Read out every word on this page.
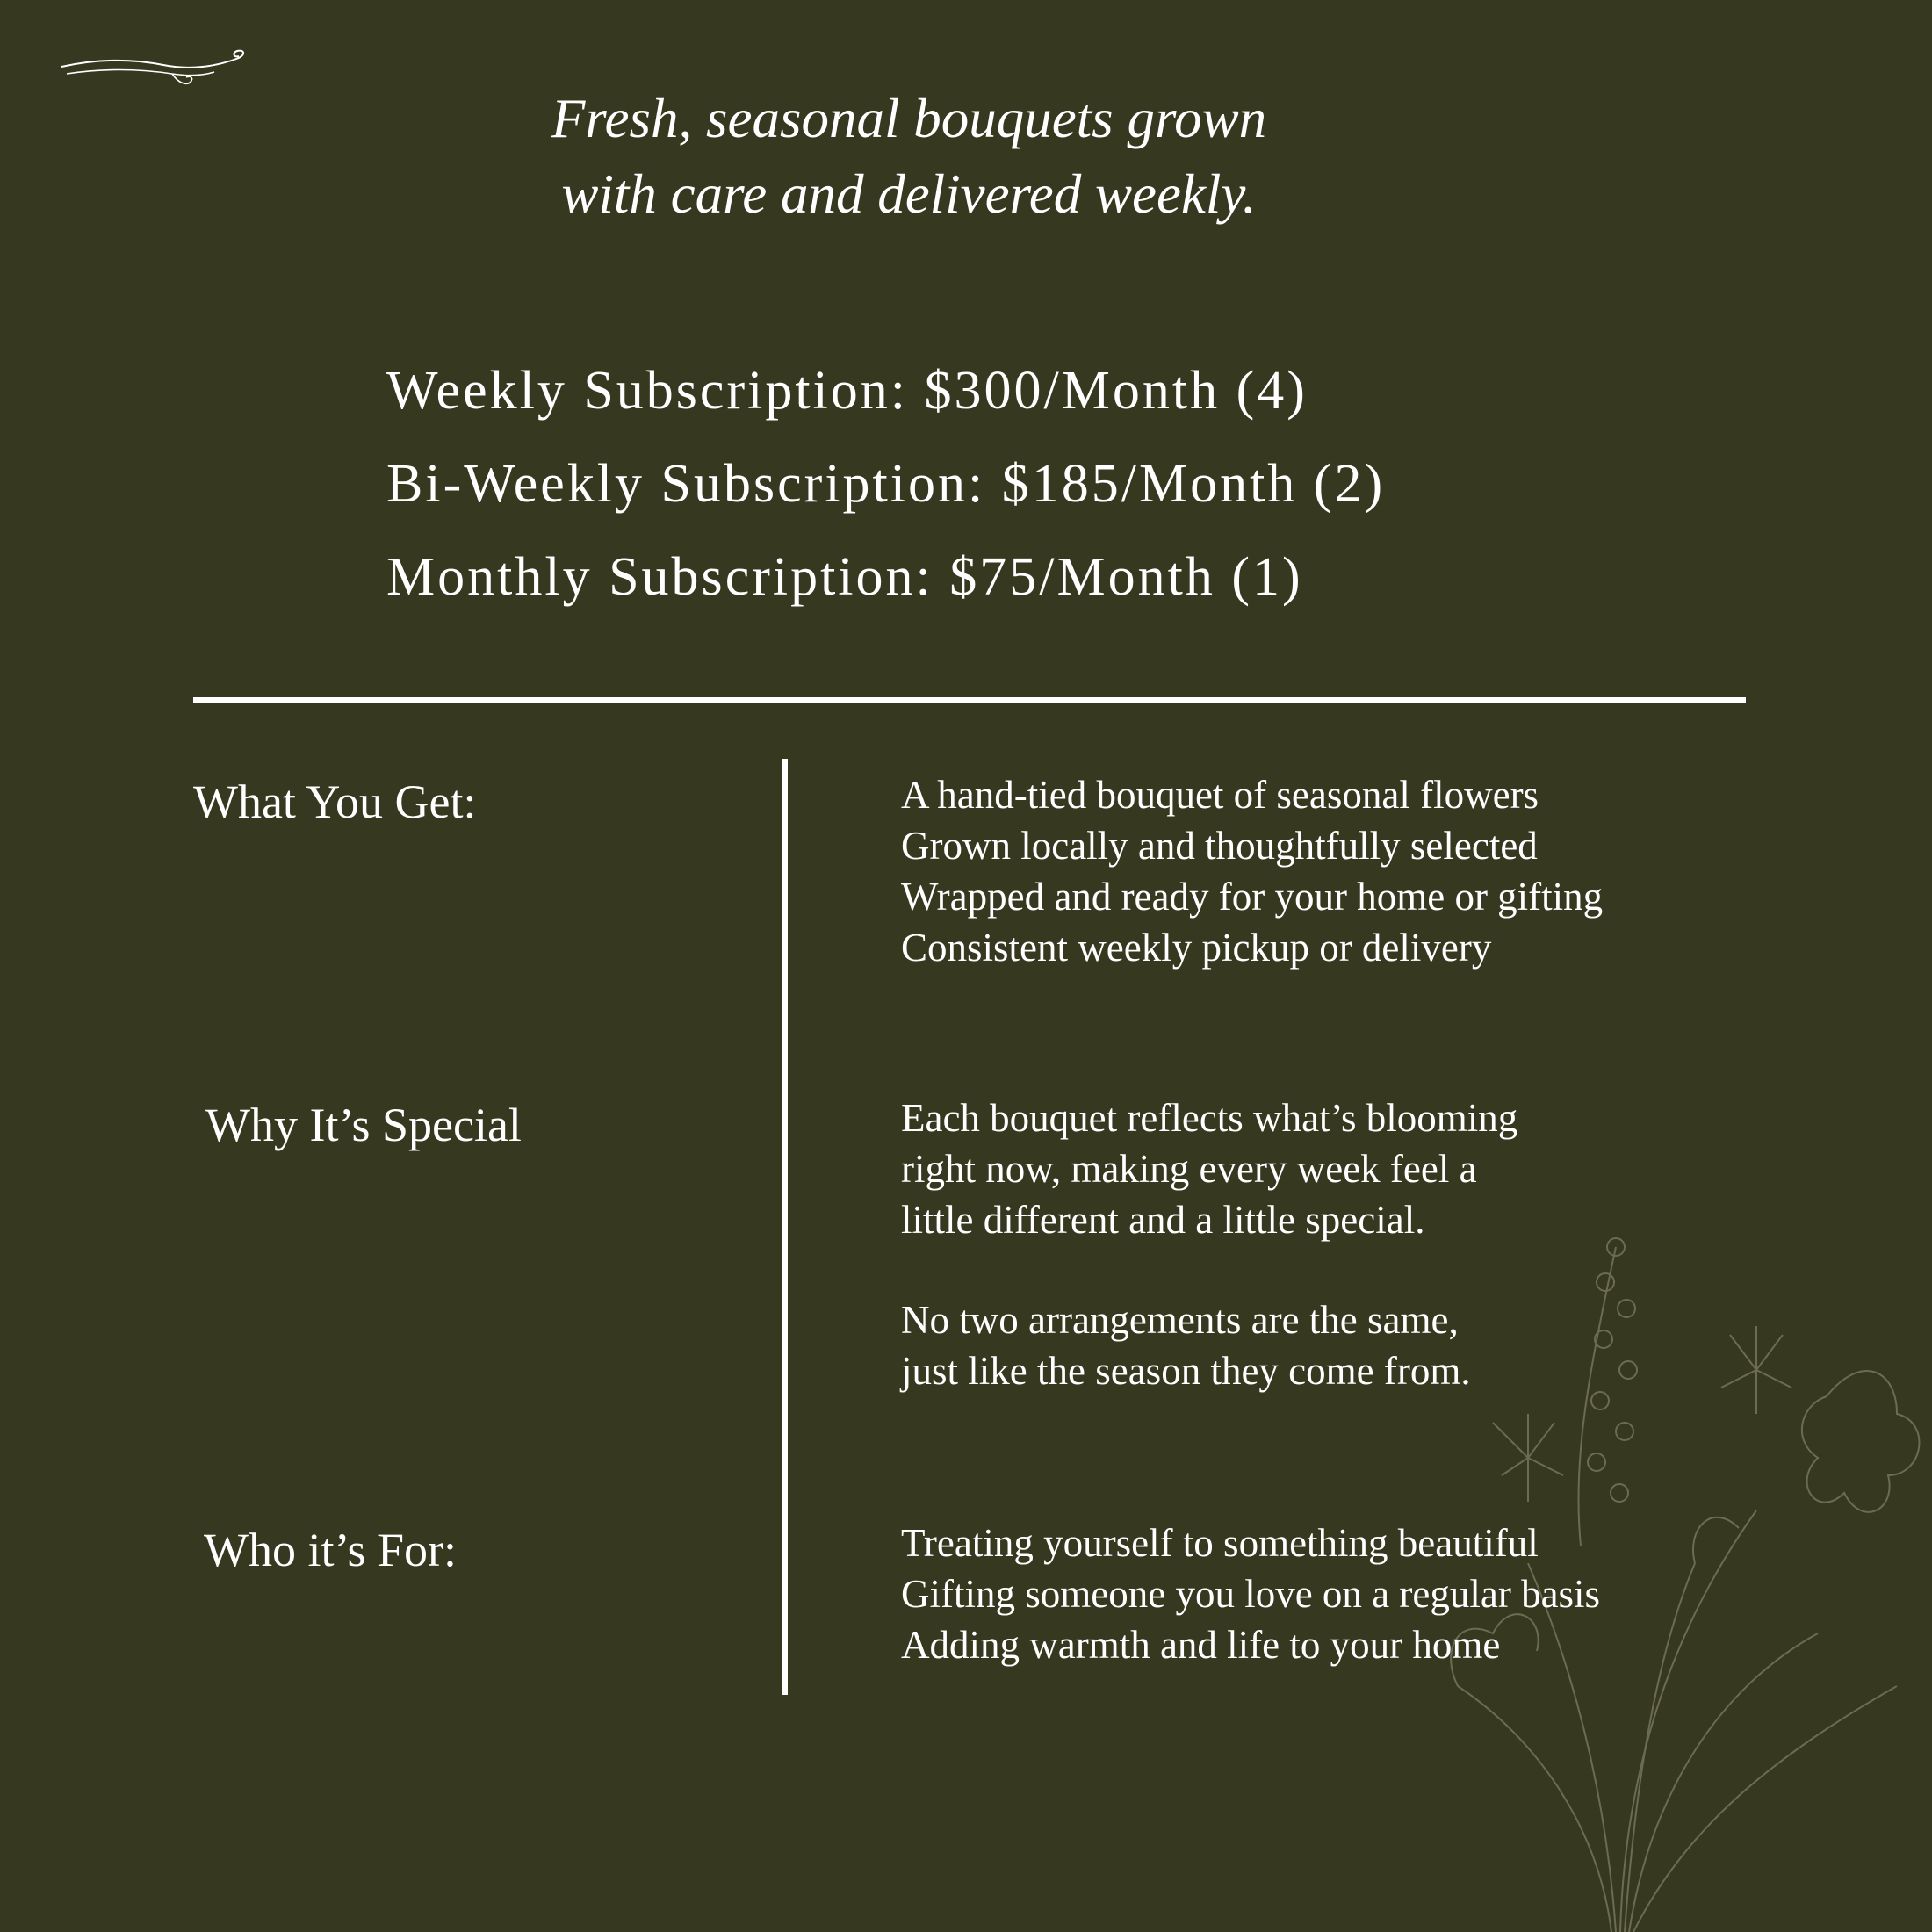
Fresh, seasonal bouquets grown
with care and delivered weekly.
Weekly Subscription: $300/Month (4)
Bi-Weekly Subscription: $185/Month (2)
Monthly Subscription: $75/Month (1)
What You Get:	A hand-tied bouquet of seasonal flowers
Grown locally and thoughtfully selected
Wrapped and ready for your home or gifting
Consistent weekly pickup or delivery
Why It’s Special	Each bouquet reflects what’s blooming
right now, making every week feel a
little different and a little special.
No two arrangements are the same,
just like the season they come from.
Who it’s For:	Treating yourself to something beautiful
Gifting someone you love on a regular basis
Adding warmth and life to your home
